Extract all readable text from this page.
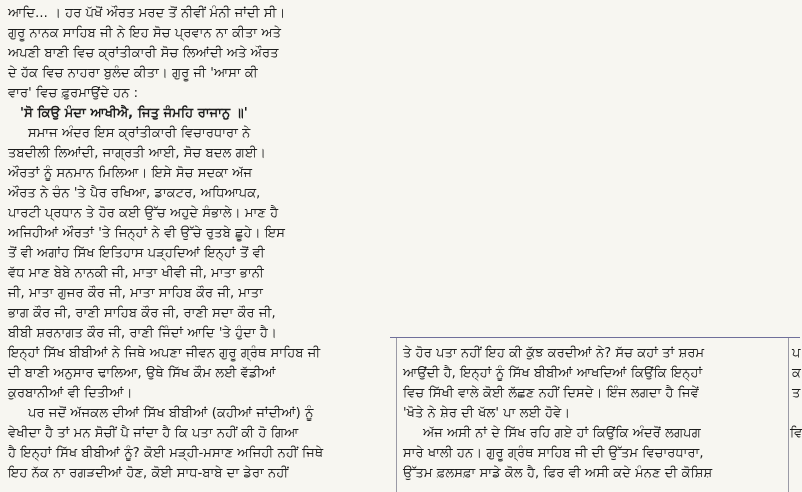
ਆਦਿ... । ਹਰ ਪੱਖੋਂ ਔਰਤ ਮਰਦ ਤੋਂ ਨੀਵੀਂ ਮੰਨੀ ਜਾਂਦੀ ਸੀ।
ਗੁਰੂ ਨਾਨਕ ਸਾਹਿਬ ਜੀ ਨੇ ਇਹ ਸੋਚ ਪ੍ਰਵਾਨ ਨਾ ਕੀਤਾ ਅਤੇ
ਅਪਣੀ ਬਾਣੀ ਵਿਚ ਕ੍ਰਾਂਤੀਕਾਰੀ ਸੋਚ ਲਿਆਂਦੀ ਅਤੇ ਔਰਤ
ਦੇ ਹੱਕ ਵਿਚ ਨਾਹਰਾ ਬੁਲੰਦ ਕੀਤਾ। ਗੁਰੂ ਜੀ 'ਆਸਾ ਕੀ
ਵਾਰ' ਵਿਚ ਫ਼ੁਰਮਾਉਂਦੇ ਹਨ :
'ਸੋ ਕਿਉ ਮੰਦਾ ਆਖੀਐ, ਜਿਤੁ ਜੰਮਹਿ ਰਾਜਾਨੁ ॥'
ਸਮਾਜ ਅੰਦਰ ਇਸ ਕ੍ਰਾਂਤੀਕਾਰੀ ਵਿਚਾਰਧਾਰਾ ਨੇ
ਤਬਦੀਲੀ ਲਿਆਂਦੀ, ਜਾਗ੍ਰਤੀ ਆਈ, ਸੋਚ ਬਦਲ ਗਈ।
ਔਰਤਾਂ ਨੂੰ ਸਨਮਾਨ ਮਿਲਿਆ। ਇਸੇ ਸੋਚ ਸਦਕਾ ਅੱਜ
ਔਰਤ ਨੇ ਚੰਨ 'ਤੇ ਪੈਰ ਰਖਿਆ, ਡਾਕਟਰ, ਅਧਿਆਪਕ,
ਪਾਰਟੀ ਪ੍ਰਧਾਨ ਤੇ ਹੋਰ ਕਈ ਉੱਚ ਅਹੁਦੇ ਸੰਭਾਲੇ। ਮਾਣ ਹੈ
ਅਜਿਹੀਆਂ ਔਰਤਾਂ 'ਤੇ ਜਿਨ੍ਹਾਂ ਨੇ ਵੀ ਉੱਚੇ ਰੁਤਬੇ ਛੂਹੇ। ਇਸ
ਤੋਂ ਵੀ ਅਗਾਂਹ ਸਿੱਖ ਇਤਿਹਾਸ ਪੜ੍ਹਦਿਆਂ ਇਨ੍ਹਾਂ ਤੋਂ ਵੀ
ਵੱਧ ਮਾਣ ਬੇਬੇ ਨਾਨਕੀ ਜੀ, ਮਾਤਾ ਖੀਵੀ ਜੀ, ਮਾਤਾ ਭਾਨੀ
ਜੀ, ਮਾਤਾ ਗੁਜਰ ਕੌਰ ਜੀ, ਮਾਤਾ ਸਾਹਿਬ ਕੌਰ ਜੀ, ਮਾਤਾ
ਭਾਗ ਕੌਰ ਜੀ, ਰਾਣੀ ਸਾਹਿਬ ਕੌਰ ਜੀ, ਰਾਣੀ ਸਦਾ ਕੌਰ ਜੀ,
ਬੀਬੀ ਸ਼ਰਨਾਗਤ ਕੌਰ ਜੀ, ਰਾਣੀ ਜਿੰਦਾਂ ਆਦਿ 'ਤੇ ਹੁੰਦਾ ਹੈ।
ਇਨ੍ਹਾਂ ਸਿੱਖ ਬੀਬੀਆਂ ਨੇ ਜਿਥੇ ਅਪਣਾ ਜੀਵਨ ਗੁਰੂ ਗ੍ਰੰਥ ਸਾਹਿਬ ਜੀ
ਦੀ ਬਾਣੀ ਅਨੁਸਾਰ ਢਾਲਿਆ, ਉਥੇ ਸਿੱਖ ਕੌਮ ਲਈ ਵੱਡੀਆਂ
ਕੁਰਬਾਨੀਆਂ ਵੀ ਦਿਤੀਆਂ।
ਪਰ ਜਦੋਂ ਅੱਜਕਲ ਦੀਆਂ ਸਿੱਖ ਬੀਬੀਆਂ (ਕਹੀਆਂ ਜਾਂਦੀਆਂ) ਨੂੰ
ਵੇਖੀਦਾ ਹੈ ਤਾਂ ਮਨ ਸੋਚੀਂ ਪੈ ਜਾਂਦਾ ਹੈ ਕਿ ਪਤਾ ਨਹੀਂ ਕੀ ਹੋ ਗਿਆ
ਹੈ ਇਨ੍ਹਾਂ ਸਿੱਖ ਬੀਬੀਆਂ ਨੂੰ? ਕੋਈ ਮੜ੍ਹੀ-ਮਸਾਣ ਅਜਿਹੀ ਨਹੀਂ ਜਿਥੇ
ਇਹ ਨੱਕ ਨਾ ਰਗੜਦੀਆਂ ਹੋਣ, ਕੋਈ ਸਾਧ-ਬਾਬੇ ਦਾ ਡੇਰਾ ਨਹੀਂ
ਤੇ ਹੋਰ ਪਤਾ ਨਹੀਂ ਇਹ ਕੀ ਕੁੱਝ ਕਰਦੀਆਂ ਨੇ? ਸੱਚ ਕਹਾਂ ਤਾਂ ਸ਼ਰਮ
ਆਉਂਦੀ ਹੈ, ਇਨ੍ਹਾਂ ਨੂੰ ਸਿੱਖ ਬੀਬੀਆਂ ਆਖਦਿਆਂ ਕਿਉਂਕਿ ਇਨ੍ਹਾਂ
ਵਿਚ ਸਿੱਖੀ ਵਾਲੇ ਕੋਈ ਲੱਛਣ ਨਹੀਂ ਦਿਸਦੇ। ਇੰਜ ਲਗਦਾ ਹੈ ਜਿਵੇਂ
'ਖੋਤੇ ਨੇ ਸ਼ੇਰ ਦੀ ਖੱਲ' ਪਾ ਲਈ ਹੋਵੇ।
ਅੱਜ ਅਸੀ ਨਾਂ ਦੇ ਸਿੱਖ ਰਹਿ ਗਏ ਹਾਂ ਕਿਉਂਕਿ ਅੰਦਰੋਂ ਲਗਪਗ
ਸਾਰੇ ਖਾਲੀ ਹਨ। ਗੁਰੂ ਗ੍ਰੰਥ ਸਾਹਿਬ ਜੀ ਦੀ ਉੱਤਮ ਵਿਚਾਰਧਾਰਾ,
ਉੱਤਮ ਫ਼ਲਸਫ਼ਾ ਸਾਡੇ ਕੋਲ ਹੈ, ਫਿਰ ਵੀ ਅਸੀ ਕਦੇ ਮੰਨਣ ਦੀ ਕੋਸ਼ਿਸ਼
ਪ
ਕ
ਤ
ਵਿ
